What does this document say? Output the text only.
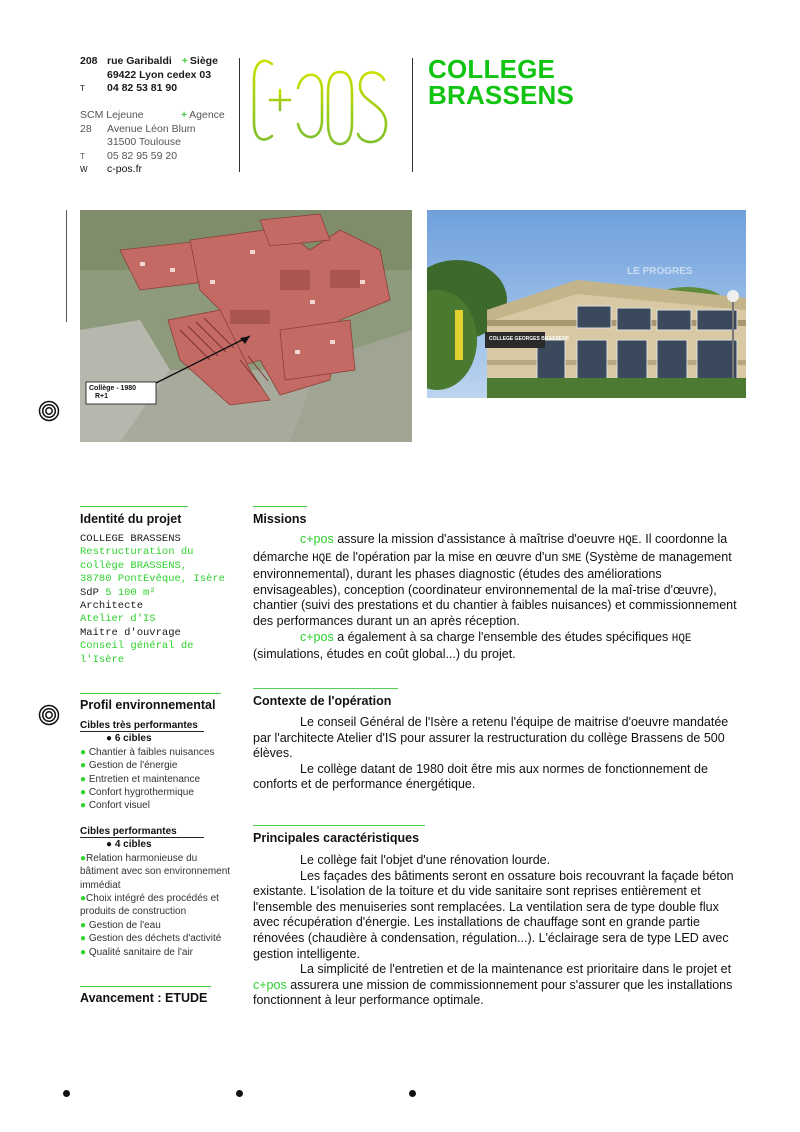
208 rue Garibaldi + Siège
69422 Lyon cedex 03
T	04 82 53 81 90
SCM Lejeune	+ Agence
28	Avenue Léon Blum
31500 Toulouse
T	05 82 95 59 20
W	c-pos.fr
COLLEGE
BRASSENS
Collège - 1980
R+1
COLLEGE GEORGES BRASSENS
LE PROGRES
Identité du projet
COLLEGE BRASSENS
Restructuration du
collège BRASSENS,
38780 PontEvêque, Isère
SdP 5 100 m²
Architecte
Atelier d'IS
Maitre d'ouvrage
Conseil général de
l'Isère
Profil environnemental
Cibles très performantes
● 6 cibles
● Chantier à faibles nuisances
● Gestion de l'énergie
● Entretien et maintenance
● Confort hygrothermique
● Confort visuel
Cibles performantes
● 4 cibles
●Relation harmonieuse du
bâtiment avec son environnement
immédiat
●Choix intégré des procédés et
produits de construction
● Gestion de l'eau
● Gestion des déchets d'activité
● Qualité sanitaire de l'air
Avancement : ETUDE
Missions

c+pos assure la mission d'assistance à maîtrise d'oeuvre HQE. Il coordonne la démarche HQE de l'opération par la mise en œuvre d'un SME (Système de management environnemental), durant les phases diagnostic (études des améliorations envisageables), conception (coordinateur environnemental de la maî-trise d'œuvre), chantier (suivi des prestations et du chantier à faibles nuisances) et commissionnement des performances durant un an après réception.

c+pos a également à sa charge l'ensemble des études spécifiques HQE (simulations, études en coût global...) du projet.

Contexte de l'opération

Le conseil Général de l'Isère a retenu l'équipe de maitrise d'oeuvre mandatée par l'architecte Atelier d'IS pour assurer la restructuration du collège Brassens de 500 élèves.

Le collège datant de 1980 doit être mis aux normes de fonctionnement de conforts et de performance énergétique.

Principales caractéristiques

Le collège fait l'objet d'une rénovation lourde.

Les façades des bâtiments seront en ossature bois recouvrant la façade béton existante. L'isolation de la toiture et du vide sanitaire sont reprises entièrement et l'ensemble des menuiseries sont remplacées. La ventilation sera de type double flux avec récupération d'énergie. Les installations de chauffage sont en grande partie rénovées (chaudière à condensation, régulation...). L'éclairage sera de type LED avec gestion intelligente.

La simplicité de l'entretien et de la maintenance est prioritaire dans le projet et c+pos assurera une mission de commissionnement pour s'assurer que les installations fonctionnent à leur performance optimale.
